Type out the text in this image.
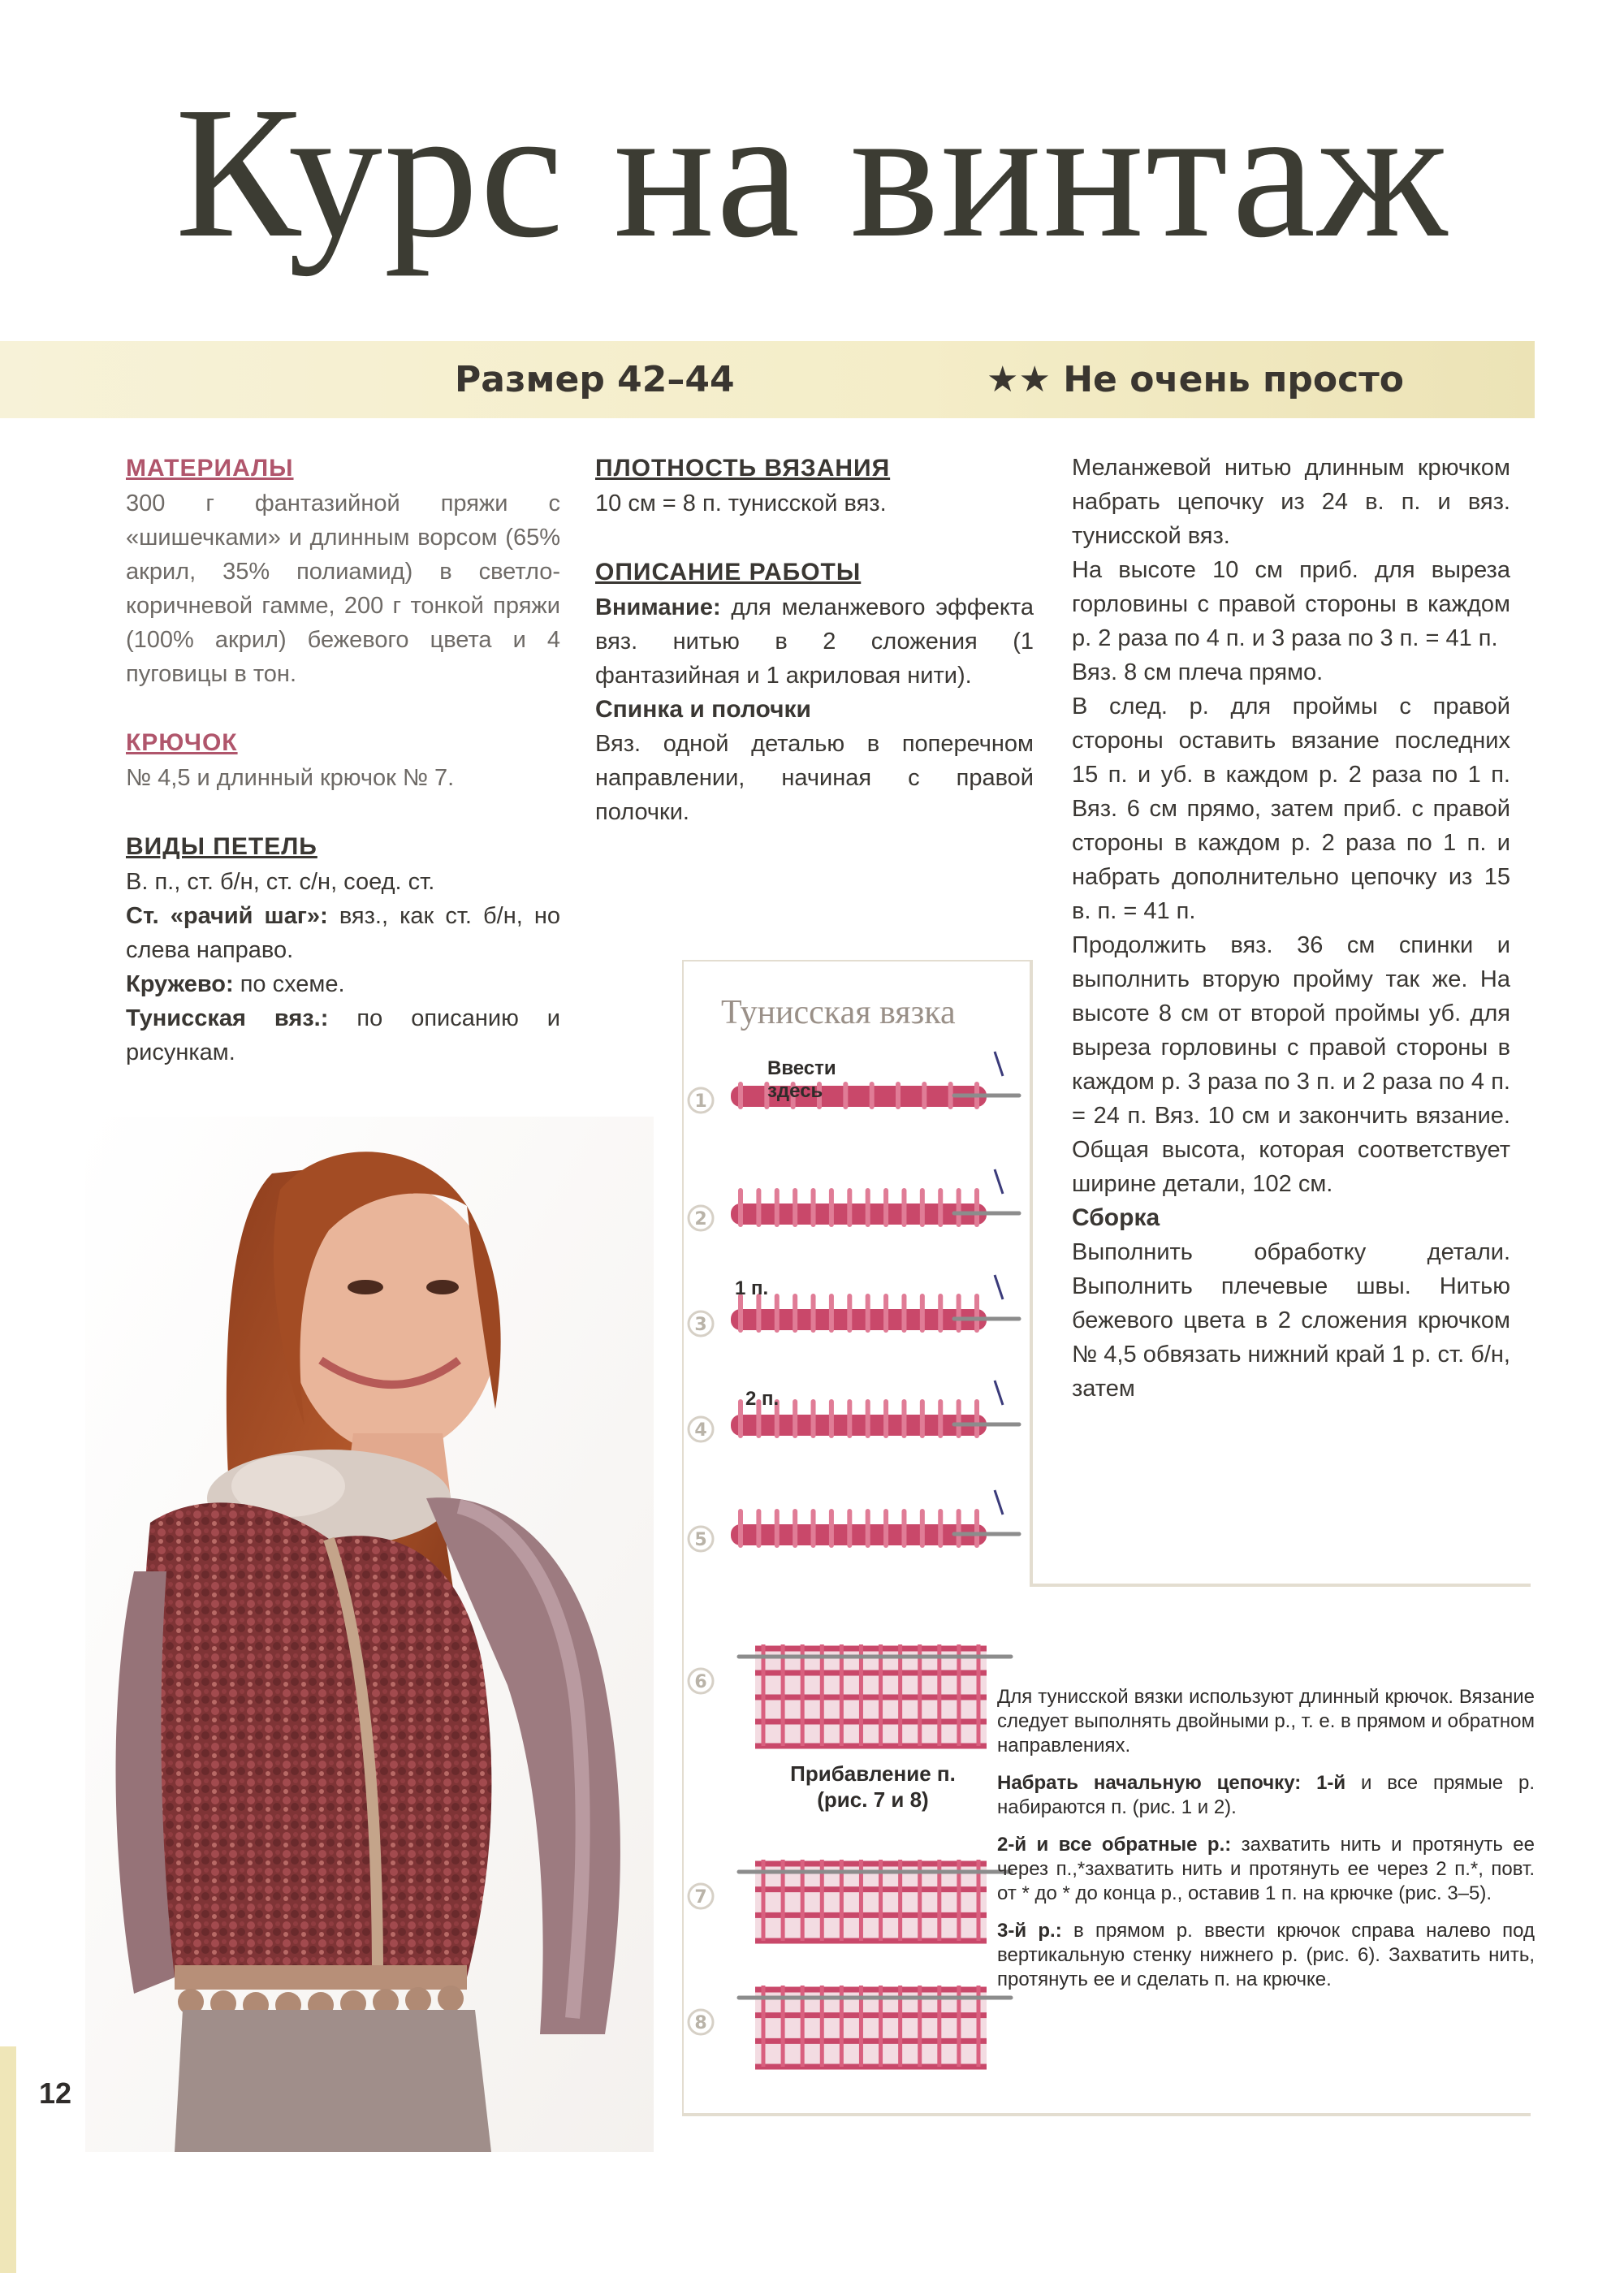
Курс на винтаж
Размер 42–44	★★ Не очень просто

МАТЕРИАЛЫ

300 г фантазийной пряжи с «шишечками» и длинным ворсом (65% акрил, 35% полиамид) в светло-коричневой гамме, 200 г тонкой пряжи (100% акрил) бежевого цвета и 4 пуговицы в тон.

КРЮЧОК

№ 4,5 и длинный крючок № 7.

ВИДЫ ПЕТЕЛЬ

В. п., ст. б/н, ст. с/н, соед. ст.

Ст. «рачий шаг»: вяз., как ст. б/н, но слева направо.

Кружево: по схеме.

Тунисская вяз.: по описанию и рисункам.

ПЛОТНОСТЬ ВЯЗАНИЯ

10 см = 8 п. тунисской вяз.

ОПИСАНИЕ РАБОТЫ

Внимание: для меланжевого эффекта вяз. нитью в 2 сложения (1 фантазийная и 1 акриловая нити).

Спинка и полочки

Вяз. одной деталью в поперечном направлении, начиная с правой полочки.

Меланжевой нитью длинным крючком набрать цепочку из 24 в. п. и вяз. тунисской вяз.

На высоте 10 см приб. для выреза горловины с правой стороны в каждом р. 2 раза по 4 п. и 3 раза по 3 п. = 41 п.

Вяз. 8 см плеча прямо.

В след. р. для проймы с правой стороны оставить вязание последних 15 п. и уб. в каждом р. 2 раза по 1 п. Вяз. 6 см прямо, затем приб. с правой стороны в каждом р. 2 раза по 1 п. и набрать дополнительно цепочку из 15 в. п. = 41 п.

Продолжить вяз. 36 см спинки и выполнить вторую пройму так же. На высоте 8 см от второй проймы уб. для выреза горловины с правой стороны в каждом р. 3 раза по 3 п. и 2 раза по 4 п. = 24 п. Вяз. 10 см и закончить вязание. Общая высота, которая соответствует ширине детали, 102 см.

Сборка

Выполнить обработку детали. Выполнить плечевые швы. Нитью бежевого цвета в 2 сложения крючком № 4,5 обвязать нижний край 1 р. ст. б/н, затем

Тунисская вязка
1
2
3
4
5
6
7
8
Ввести
здесь
1 п.
2 п.
Прибавление п. (рис. 7 и 8)

Для тунисской вязки используют длинный крючок. Вязание следует выполнять двойными р., т. е. в прямом и обратном направлениях.

Набрать начальную цепочку: 1-й и все прямые р. набираются п. (рис. 1 и 2).

2-й и все обратные р.: захватить нить и протянуть ее через п.,*захватить нить и протянуть ее через 2 п.*, повт. от * до * до конца р., оставив 1 п. на крючке (рис. 3–5).

3-й р.: в прямом р. ввести крючок справа налево под вертикальную стенку нижнего р. (рис. 6). Захватить нить, протянуть ее и сделать п. на крючке.

12
